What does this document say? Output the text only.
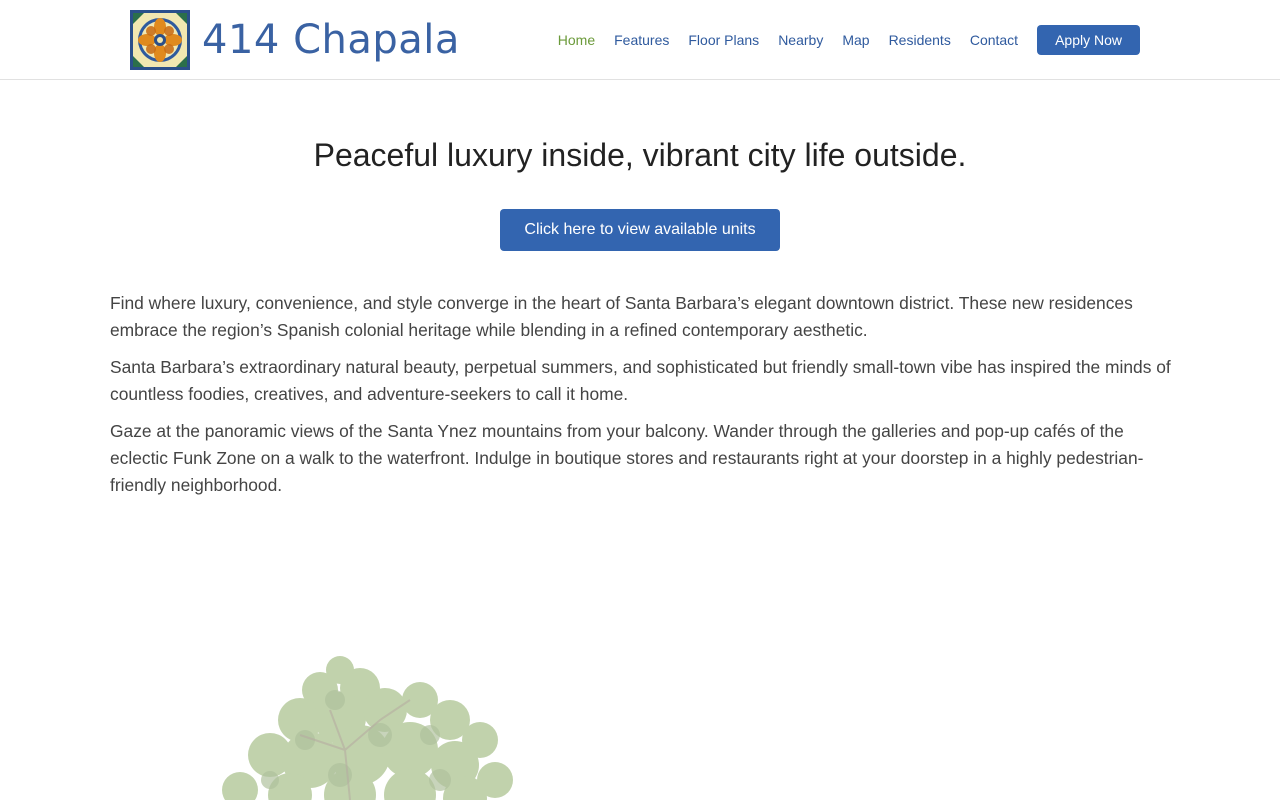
414 Chapala	Home Features Floor Plans Nearby Map Residents Contact	Apply Now
Peaceful luxury inside, vibrant city life outside.
Click here to view available units

Find where luxury, convenience, and style converge in the heart of Santa Barbara’s elegant downtown district. These new residences embrace the region’s Spanish colonial heritage while blending in a refined contemporary aesthetic.

Santa Barbara’s extraordinary natural beauty, perpetual summers, and sophisticated but friendly small-town vibe has inspired the minds of countless foodies, creatives, and adventure-seekers to call it home.

Gaze at the panoramic views of the Santa Ynez mountains from your balcony. Wander through the galleries and pop-up cafés of the eclectic Funk Zone on a walk to the waterfront. Indulge in boutique stores and restaurants right at your doorstep in a highly pedestrian-friendly neighborhood.
